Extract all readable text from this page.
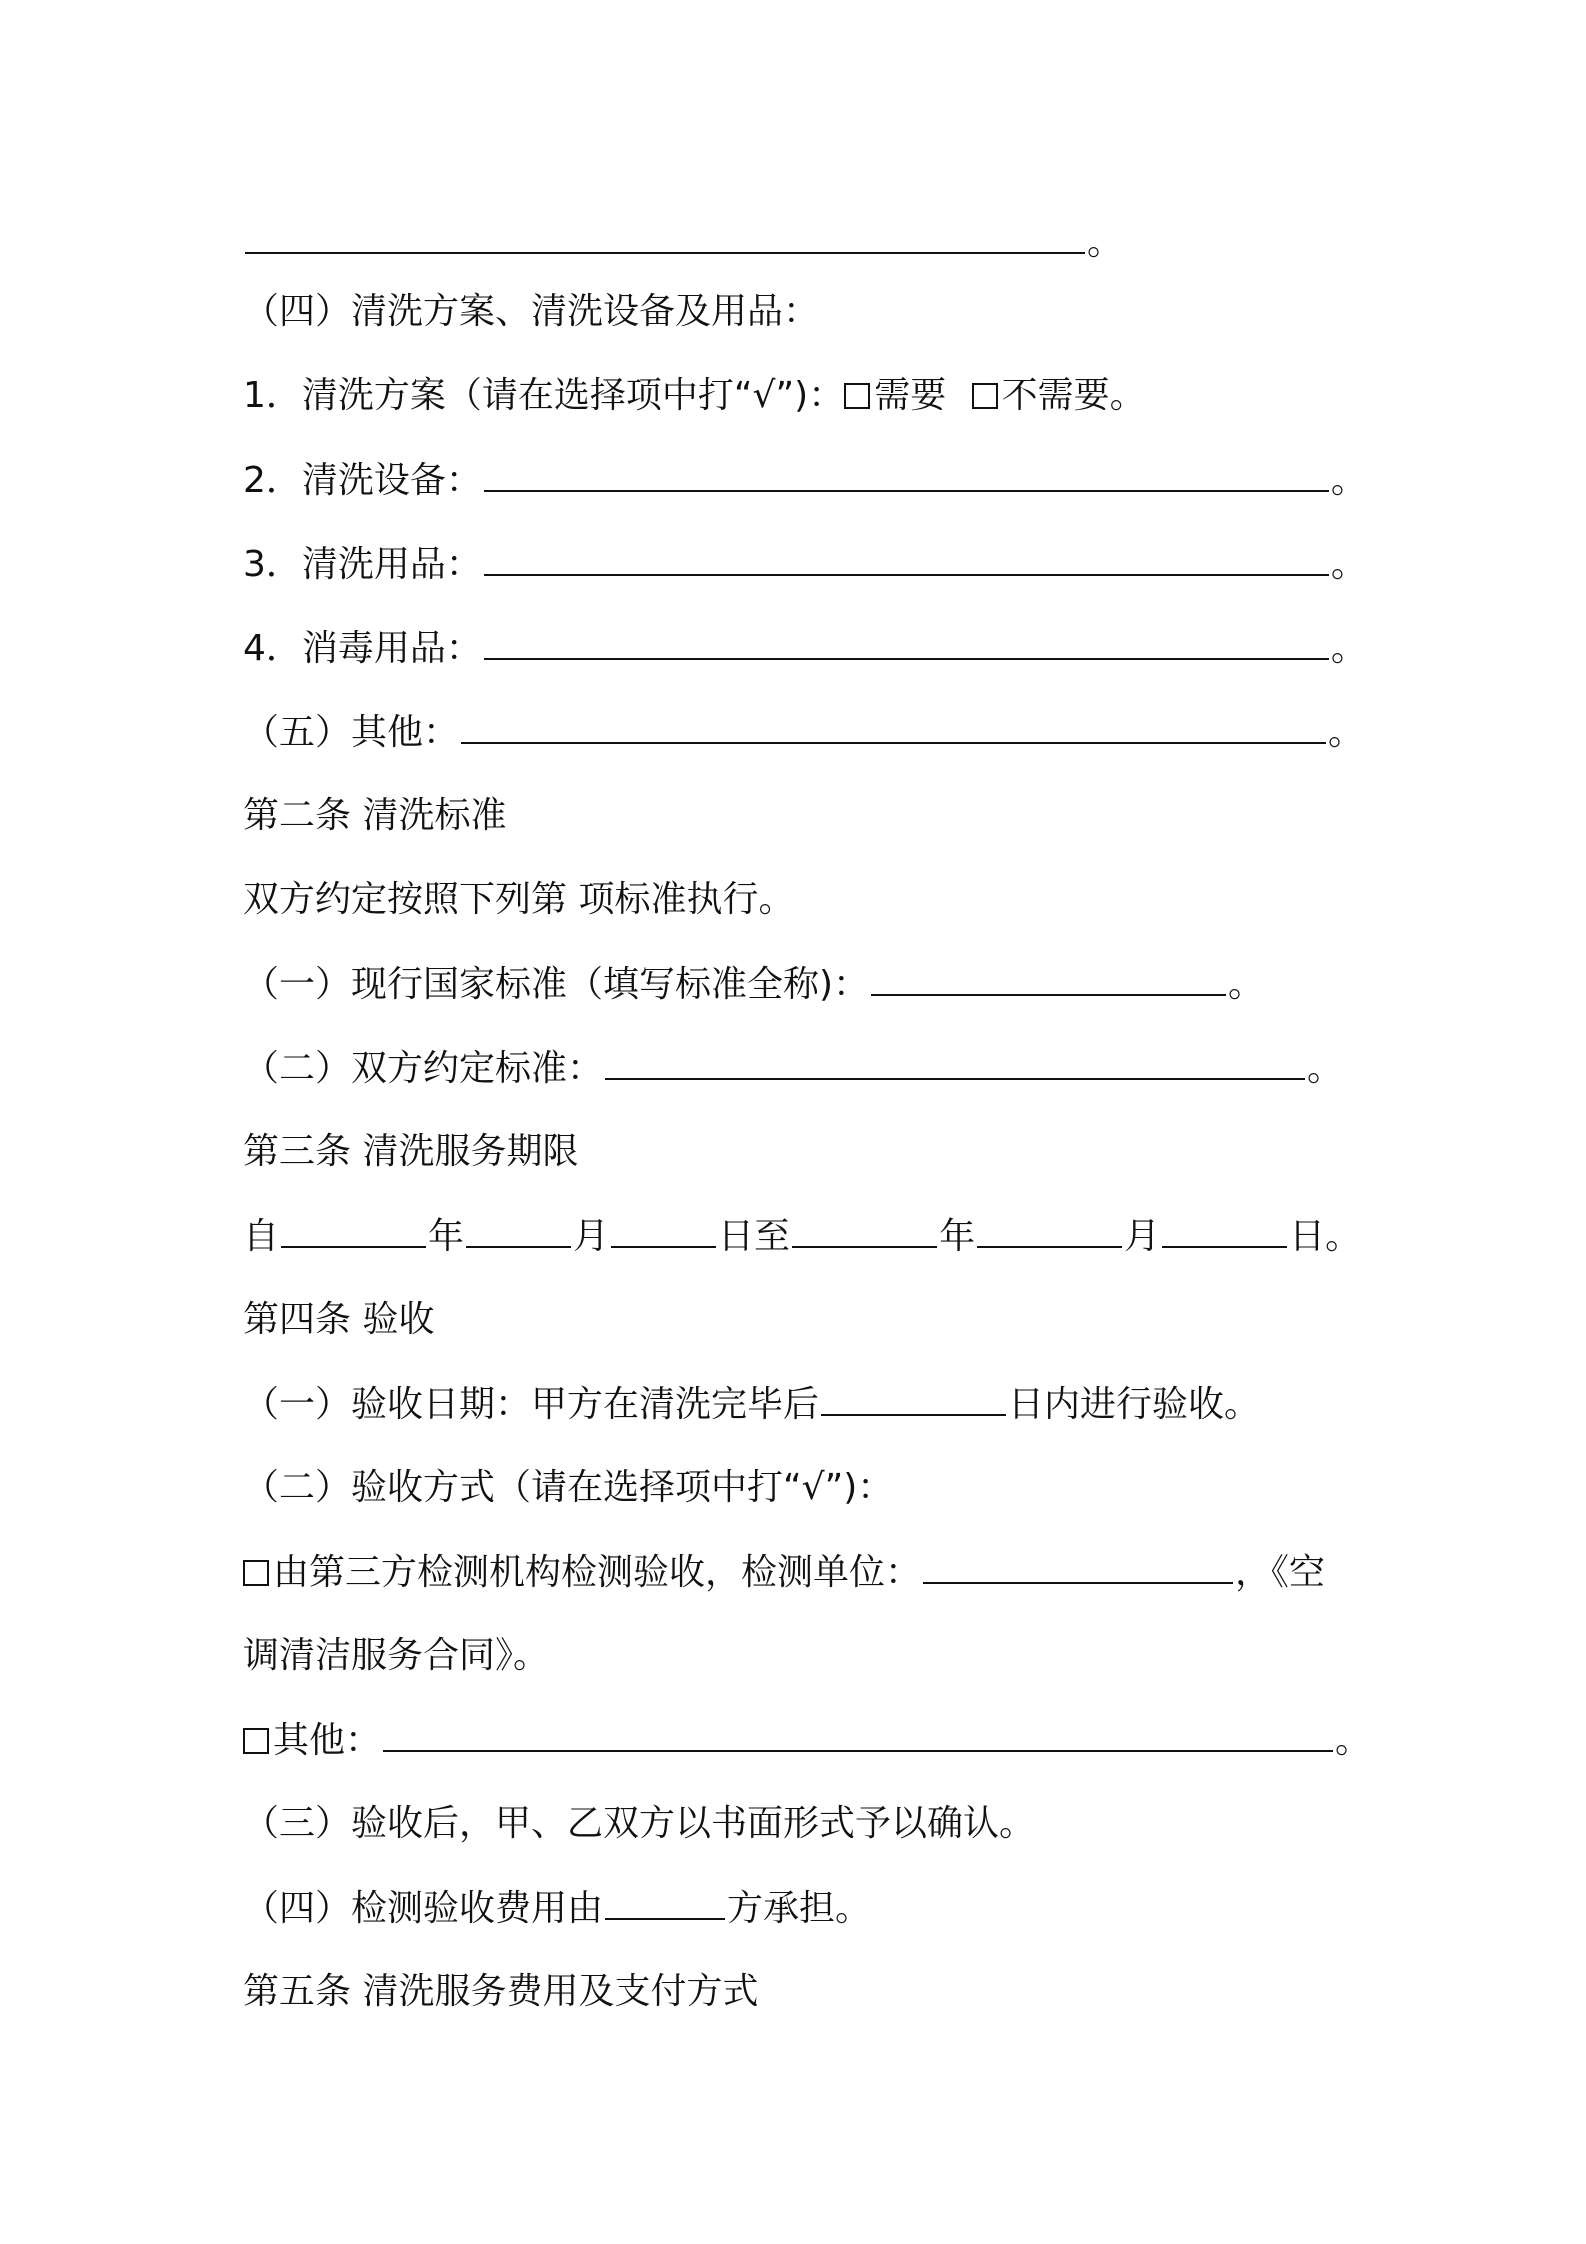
。
（四）清洗方案、清洗设备及用品：
1．清洗方案（请在选择项中打“√”)： 需要 不需要。
2．清洗设备：	。
3．清洗用品：	。
4．消毒用品：	。
（五）其他：	。
第二条 清洗标准
双方约定按照下列第 项标准执行。
（一）现行国家标准（填写标准全称)：	。
（二）双方约定标准：	。
第三条 清洗服务期限
自	年	月	日至	年	月	日。
第四条 验收
（一）验收日期：甲方在清洗完毕后	日内进行验收。
（二）验收方式（请在选择项中打“√”)：
由第三方检测机构检测验收，检测单位：	，《空
调清洁服务合同》。
其他：	。
（三）验收后，甲、乙双方以书面形式予以确认。
（四）检测验收费用由	方承担。
第五条 清洗服务费用及支付方式
